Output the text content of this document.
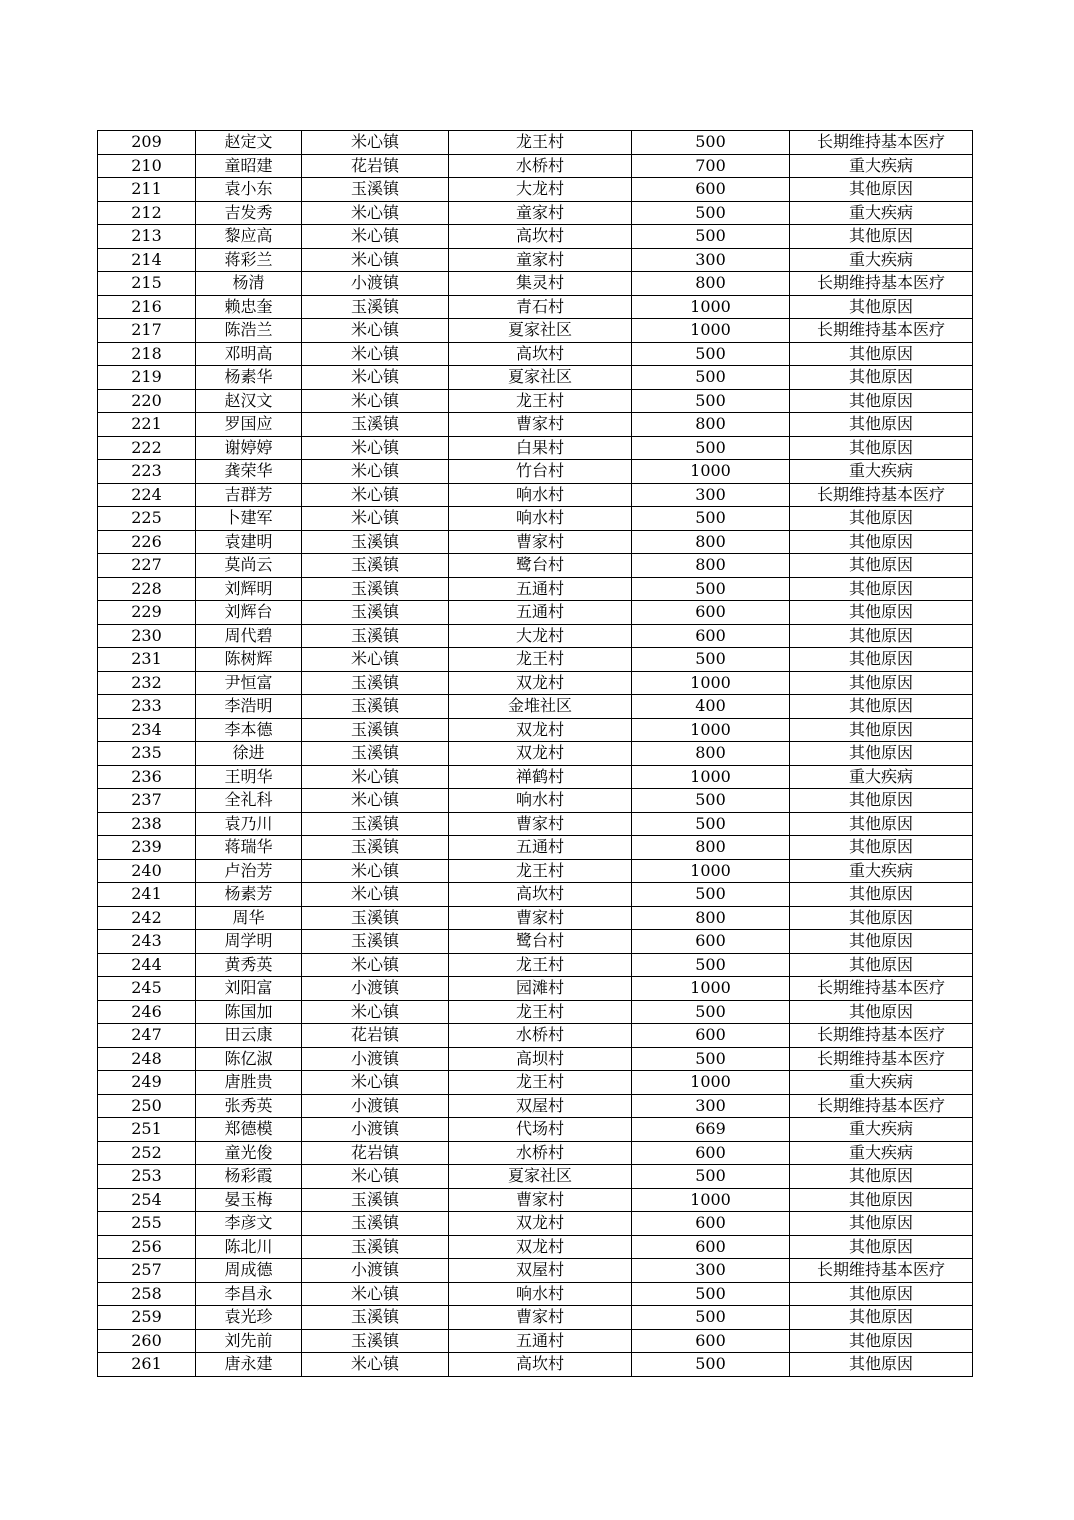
209	赵定文	米心镇	龙王村	500	长期维持基本医疗
210	童昭建	花岩镇	水桥村	700	重大疾病
211	袁小东	玉溪镇	大龙村	600	其他原因
212	吉发秀	米心镇	童家村	500	重大疾病
213	黎应高	米心镇	高坎村	500	其他原因
214	蒋彩兰	米心镇	童家村	300	重大疾病
215	杨清	小渡镇	集灵村	800	长期维持基本医疗
216	赖忠奎	玉溪镇	青石村	1000	其他原因
217	陈浩兰	米心镇	夏家社区	1000	长期维持基本医疗
218	邓明高	米心镇	高坎村	500	其他原因
219	杨素华	米心镇	夏家社区	500	其他原因
220	赵汉文	米心镇	龙王村	500	其他原因
221	罗国应	玉溪镇	曹家村	800	其他原因
222	谢婷婷	米心镇	白果村	500	其他原因
223	龚荣华	米心镇	竹台村	1000	重大疾病
224	吉群芳	米心镇	响水村	300	长期维持基本医疗
225	卜建军	米心镇	响水村	500	其他原因
226	袁建明	玉溪镇	曹家村	800	其他原因
227	莫尚云	玉溪镇	鹭台村	800	其他原因
228	刘辉明	玉溪镇	五通村	500	其他原因
229	刘辉台	玉溪镇	五通村	600	其他原因
230	周代碧	玉溪镇	大龙村	600	其他原因
231	陈树辉	米心镇	龙王村	500	其他原因
232	尹恒富	玉溪镇	双龙村	1000	其他原因
233	李浩明	玉溪镇	金堆社区	400	其他原因
234	李本德	玉溪镇	双龙村	1000	其他原因
235	徐进	玉溪镇	双龙村	800	其他原因
236	王明华	米心镇	禅鹤村	1000	重大疾病
237	全礼科	米心镇	响水村	500	其他原因
238	袁乃川	玉溪镇	曹家村	500	其他原因
239	蒋瑞华	玉溪镇	五通村	800	其他原因
240	卢治芳	米心镇	龙王村	1000	重大疾病
241	杨素芳	米心镇	高坎村	500	其他原因
242	周华	玉溪镇	曹家村	800	其他原因
243	周学明	玉溪镇	鹭台村	600	其他原因
244	黄秀英	米心镇	龙王村	500	其他原因
245	刘阳富	小渡镇	园滩村	1000	长期维持基本医疗
246	陈国加	米心镇	龙王村	500	其他原因
247	田云康	花岩镇	水桥村	600	长期维持基本医疗
248	陈亿淑	小渡镇	高坝村	500	长期维持基本医疗
249	唐胜贵	米心镇	龙王村	1000	重大疾病
250	张秀英	小渡镇	双屋村	300	长期维持基本医疗
251	郑德模	小渡镇	代场村	669	重大疾病
252	童光俊	花岩镇	水桥村	600	重大疾病
253	杨彩霞	米心镇	夏家社区	500	其他原因
254	晏玉梅	玉溪镇	曹家村	1000	其他原因
255	李彦文	玉溪镇	双龙村	600	其他原因
256	陈北川	玉溪镇	双龙村	600	其他原因
257	周成德	小渡镇	双屋村	300	长期维持基本医疗
258	李昌永	米心镇	响水村	500	其他原因
259	袁光珍	玉溪镇	曹家村	500	其他原因
260	刘先前	玉溪镇	五通村	600	其他原因
261	唐永建	米心镇	高坎村	500	其他原因
